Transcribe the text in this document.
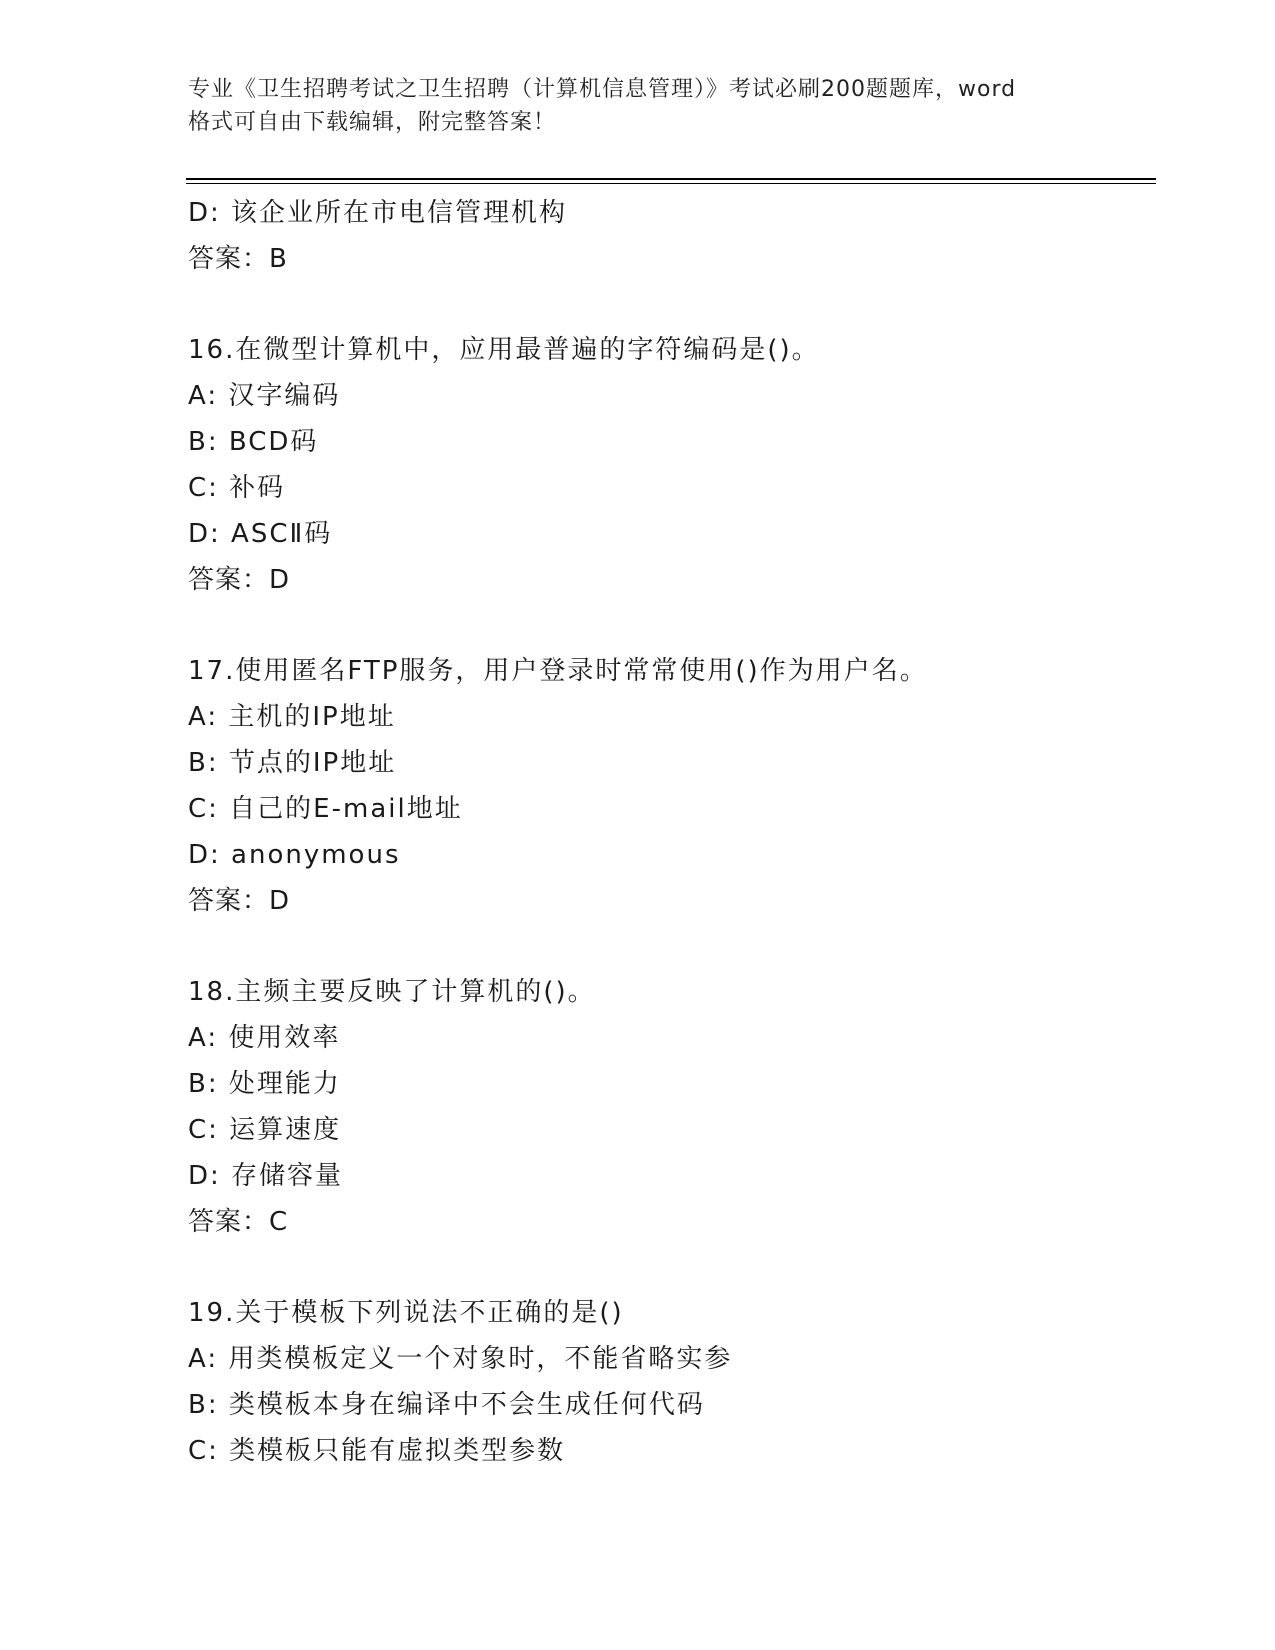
专业《卫生招聘考试之卫生招聘（计算机信息管理）》考试必刷200题题库，word
格式可自由下载编辑，附完整答案！
D: 该企业所在市电信管理机构
答案：B
16.在微型计算机中，应用最普遍的字符编码是()。
A: 汉字编码
B: BCD码
C: 补码
D: ASCⅡ码
答案：D
17.使用匿名FTP服务，用户登录时常常使用()作为用户名。
A: 主机的IP地址
B: 节点的IP地址
C: 自己的E-mail地址
D: anonymous
答案：D
18.主频主要反映了计算机的()。
A: 使用效率
B: 处理能力
C: 运算速度
D: 存储容量
答案：C
19.关于模板下列说法不正确的是()
A: 用类模板定义一个对象时，不能省略实参
B: 类模板本身在编译中不会生成任何代码
C: 类模板只能有虚拟类型参数
